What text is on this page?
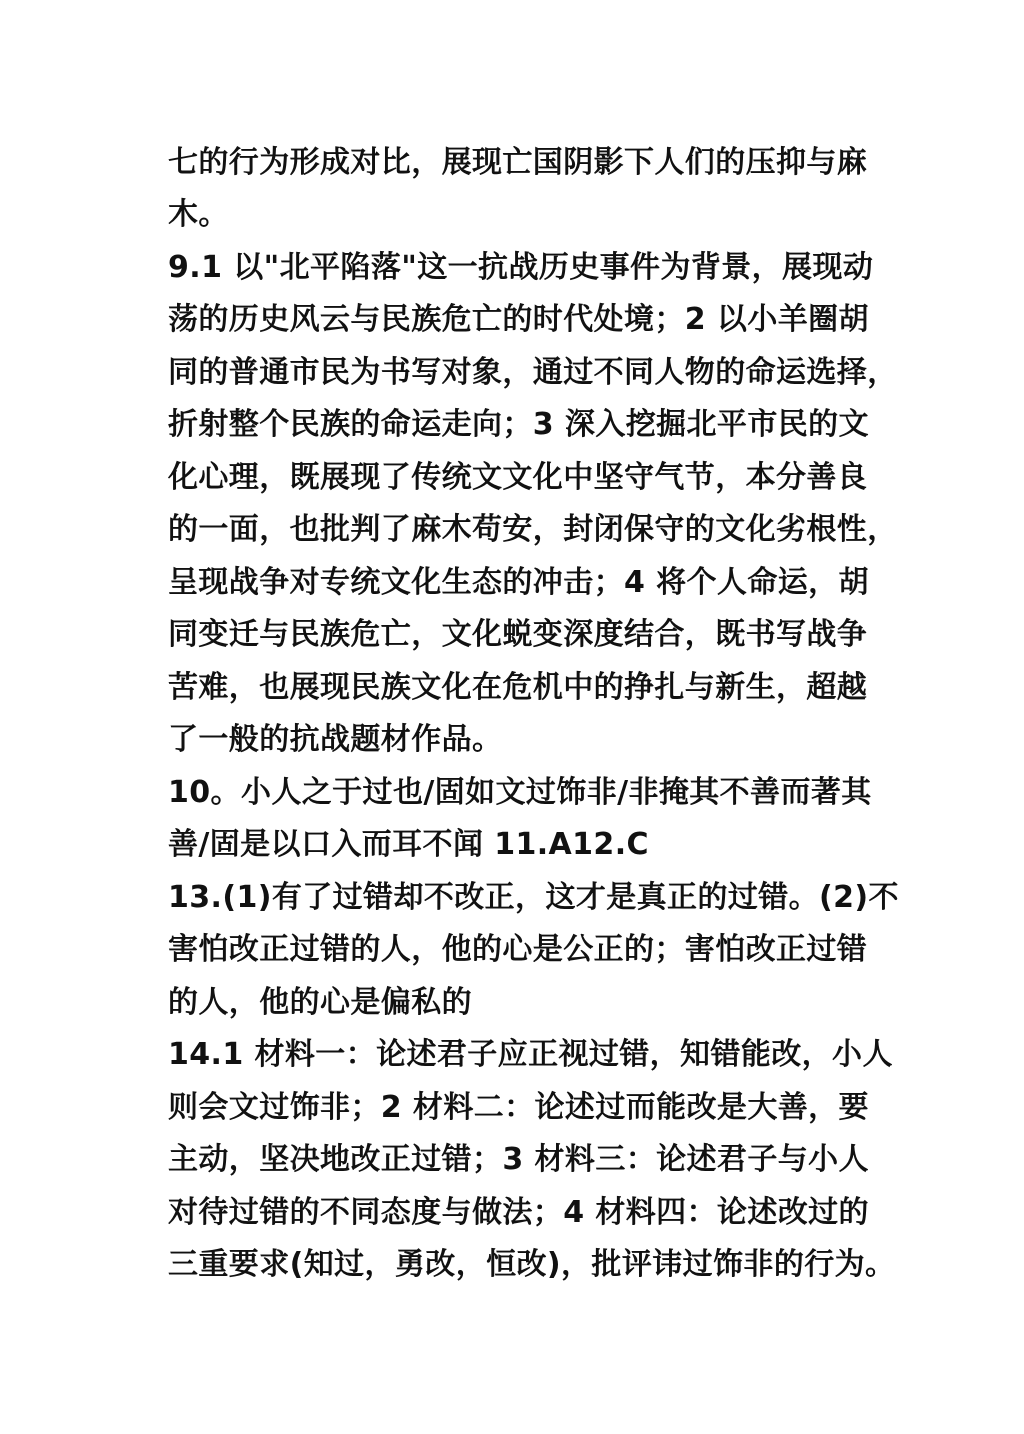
七的行为形成对比，展现亡国阴影下人们的压抑与麻
木。
9.1 以"北平陷落"这一抗战历史事件为背景，展现动
荡的历史风云与民族危亡的时代处境；2 以小羊圈胡
同的普通市民为书写对象，通过不同人物的命运选择，
折射整个民族的命运走向；3 深入挖掘北平市民的文
化心理，既展现了传统文文化中坚守气节，本分善良
的一面，也批判了麻木苟安，封闭保守的文化劣根性，
呈现战争对专统文化生态的冲击；4 将个人命运，胡
同变迁与民族危亡，文化蜕变深度结合，既书写战争
苦难，也展现民族文化在危机中的挣扎与新生，超越
了一般的抗战题材作品。
10。小人之于过也/固如文过饰非/非掩其不善而著其
善/固是以口入而耳不闻 11.A12.C
13.(1)有了过错却不改正，这才是真正的过错。(2)不
害怕改正过错的人，他的心是公正的；害怕改正过错
的人，他的心是偏私的
14.1 材料一：论述君子应正视过错，知错能改，小人
则会文过饰非；2 材料二：论述过而能改是大善，要
主动，坚决地改正过错；3 材料三：论述君子与小人
对待过错的不同态度与做法；4 材料四：论述改过的
三重要求(知过，勇改，恒改)，批评讳过饰非的行为。
